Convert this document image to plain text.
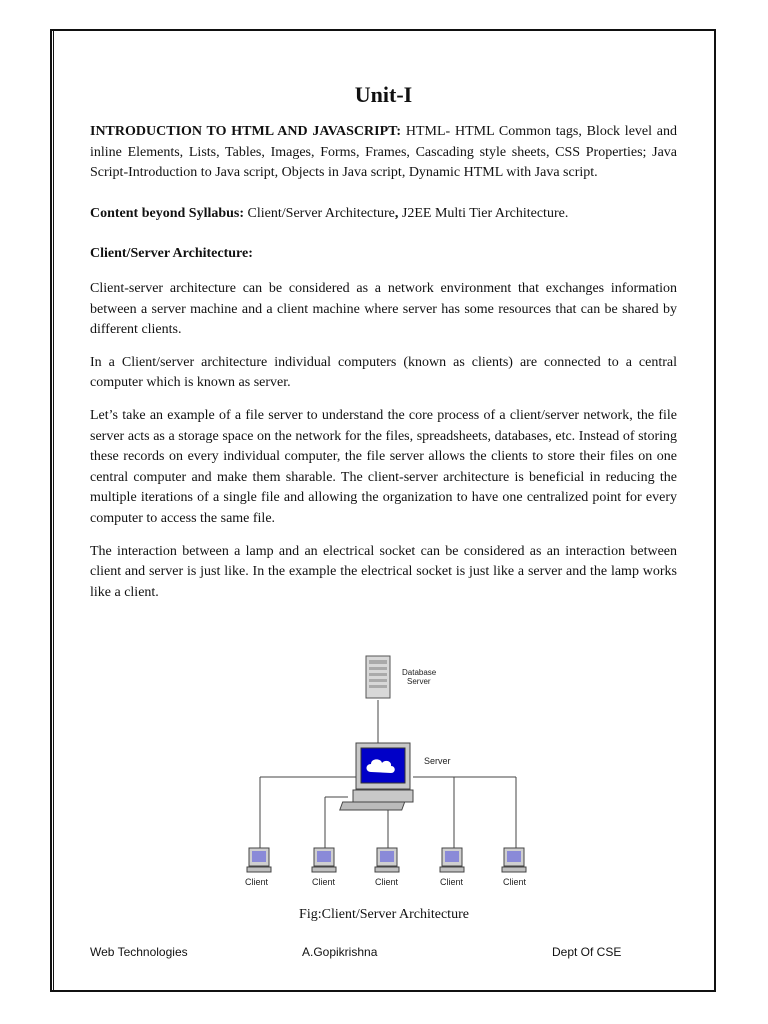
Unit-I

INTRODUCTION TO HTML AND JAVASCRIPT: HTML- HTML Common tags, Block level and inline Elements, Lists, Tables, Images, Forms, Frames, Cascading style sheets, CSS Properties; Java Script-Introduction to Java script, Objects in Java script, Dynamic HTML with Java script.

Content beyond Syllabus: Client/Server Architecture, J2EE Multi Tier Architecture.

Client/Server Architecture:

Client-server architecture can be considered as a network environment that exchanges information between a server machine and a client machine where server has some resources that can be shared by different clients.

In a Client/server architecture individual computers (known as clients) are connected to a central computer which is known as server.

Let’s take an example of a file server to understand the core process of a client/server network, the file server acts as a storage space on the network for the files, spreadsheets, databases, etc. Instead of storing these records on every individual computer, the file server allows the clients to store their files on one central computer and make them sharable. The client-server architecture is beneficial in reducing the multiple iterations of a single file and allowing the organization to have one centralized point for every computer to access the same file.

The interaction between a lamp and an electrical socket can be considered as an interaction between client and server is just like. In the example the electrical socket is just like a server and the lamp works like a client.

Database
Server
Server
Client	Client	Client	Client	Client
Fig:Client/Server Architecture
Web Technologies	A.Gopikrishna	Dept Of CSE
